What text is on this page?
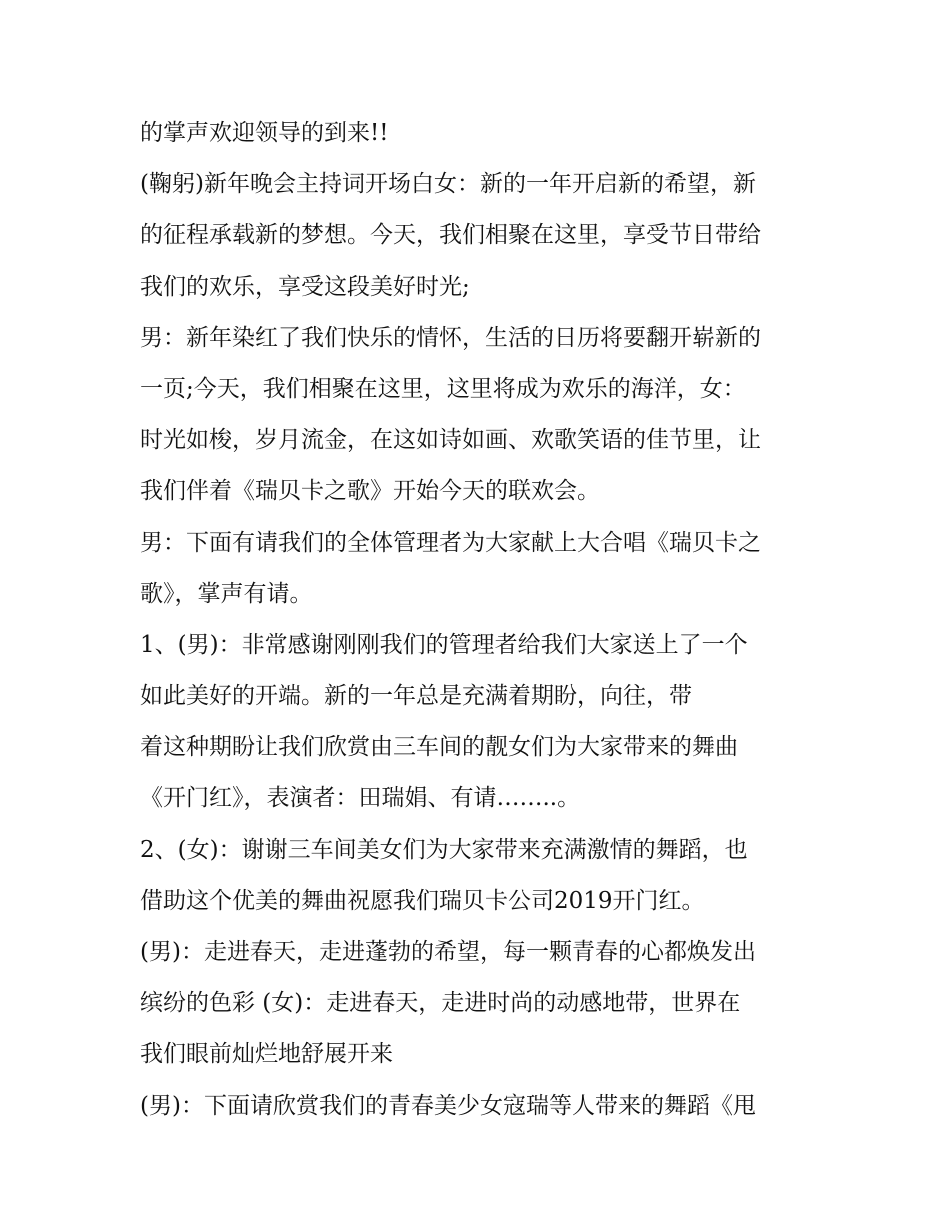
的掌声欢迎领导的到来!!
(鞠躬)新年晚会主持词开场白女：新的一年开启新的希望，新
的征程承载新的梦想。今天，我们相聚在这里，享受节日带给
我们的欢乐，享受这段美好时光;
男：新年染红了我们快乐的情怀，生活的日历将要翻开崭新的
一页;今天，我们相聚在这里，这里将成为欢乐的海洋，女：
时光如梭，岁月流金，在这如诗如画、欢歌笑语的佳节里，让
我们伴着《瑞贝卡之歌》开始今天的联欢会。
男：下面有请我们的全体管理者为大家献上大合唱《瑞贝卡之
歌》，掌声有请。
1、(男)：非常感谢刚刚我们的管理者给我们大家送上了一个
如此美好的开端。新的一年总是充满着期盼，向往，带
着这种期盼让我们欣赏由三车间的靓女们为大家带来的舞曲
《开门红》，表演者：田瑞娟、有请……..。
2、(女)：谢谢三车间美女们为大家带来充满激情的舞蹈，也
借助这个优美的舞曲祝愿我们瑞贝卡公司2019开门红。
(男)：走进春天，走进蓬勃的希望，每一颗青春的心都焕发出
缤纷的色彩 (女)：走进春天，走进时尚的动感地带，世界在
我们眼前灿烂地舒展开来
(男)：下面请欣赏我们的青春美少女寇瑞等人带来的舞蹈《甩
